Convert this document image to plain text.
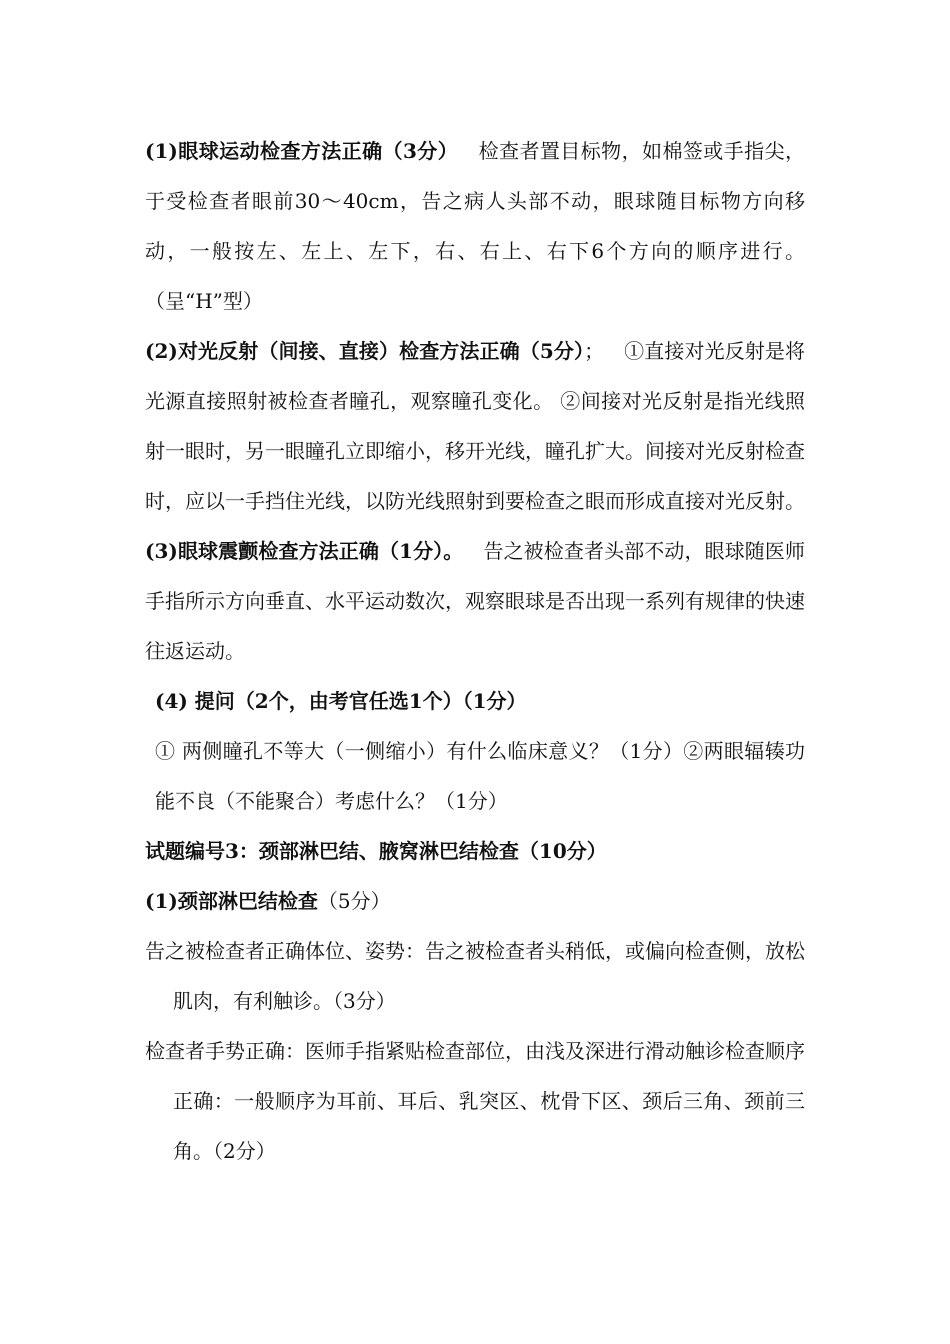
(1)眼球运动检查方法正确（3分） 检查者置目标物，如棉签或手指尖，于受检查者眼前30～40cm，告之病人头部不动，眼球随目标物方向移动，一般按左、左上、左下，右、右上、右下6个方向的顺序进行。（呈“H”型）

(2)对光反射（间接、直接）检查方法正确（5分）； ①直接对光反射是将光源直接照射被检查者瞳孔，观察瞳孔变化。 ②间接对光反射是指光线照射一眼时，另一眼瞳孔立即缩小，移开光线，瞳孔扩大。间接对光反射检查时，应以一手挡住光线，以防光线照射到要检查之眼而形成直接对光反射。

(3)眼球震颤检查方法正确（1分）。 告之被检查者头部不动，眼球随医师手指所示方向垂直、水平运动数次，观察眼球是否出现一系列有规律的快速往返运动。

(4) 提问（2个，由考官任选1个）（1分）

① 两侧瞳孔不等大（一侧缩小）有什么临床意义？（1分）②两眼辐辏功能不良（不能聚合）考虑什么？（1分）

试题编号3：颈部淋巴结、腋窝淋巴结检查（10分）

(1)颈部淋巴结检查（5分）

告之被检查者正确体位、姿势：告之被检查者头稍低，或偏向检查侧，放松肌肉，有利触诊。（3分）

检查者手势正确：医师手指紧贴检查部位，由浅及深进行滑动触诊检查顺序正确：一般顺序为耳前、耳后、乳突区、枕骨下区、颈后三角、颈前三角。（2分）
